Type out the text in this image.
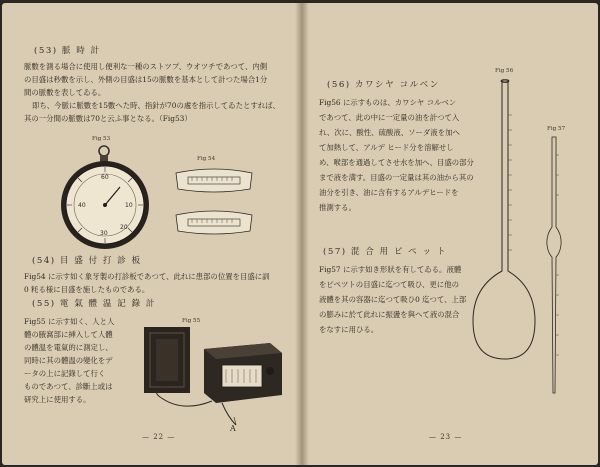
(53) 脈 時 計
脈數を測る場合に使用し便利な一種のストツプ、ウオツチであつて、内側
の目盛は秒數を示し、外側の目盛は15の脈數を基本として計つた場合1分
間の脈數を表してゐる。
即ち、今脈に脈數を15數へた時、指針が70の處を指示してゐたとすれば、
其の一分間の脈數は70と云ふ事となる。（Fig53）
Fig 53
Fig 54
60
40	10
20
30
(54) 目 盛 付 打 診 板
Fig54 に示す如く象牙製の打診板であつて、此れに患部の位置を目盛に訓
0 粍る様に目盛を施したものである。
(55) 電 氣 體 温 記 錄 計
Fig 55
Fig55 に示す如く、人と人
體の腋窩部に挿入して人體
の體温を電氣的に測定し、
同時に其の體温の變化をデ
ータの上に記錄して行く
ものであつて、診斷上或は
研究上に使用する。
A
— 22 —
(56) カワシヤ コルベン
Fig56 に示すものは、カワシヤ コルベン
であつて、此の中に一定量の油を計つて入
れ、次に、酸性、硫酸液、ソーダ液を加へ
て加熱して、アルデ ヒード分を溶解せし
め、喉部を通過してさせ水を加へ、目盛の部分
まで液を満す。目盛の一定量は其の油から其の
油分を引き、油に含有するアルデヒードを
推測する。
(57) 混 合 用 ピ ペ ッ ト
Fig57 に示す如き形狀を有してゐる。液體
をピペツトの目盛に迄つて吸ひ、更に他の
液體を其の容器に迄つて吸ひ0 迄つて、上部
の膨みに於て此れに振盪を與へて液の混合
をなすに用ひる。
Fig 56
Fig 57
— 23 —
